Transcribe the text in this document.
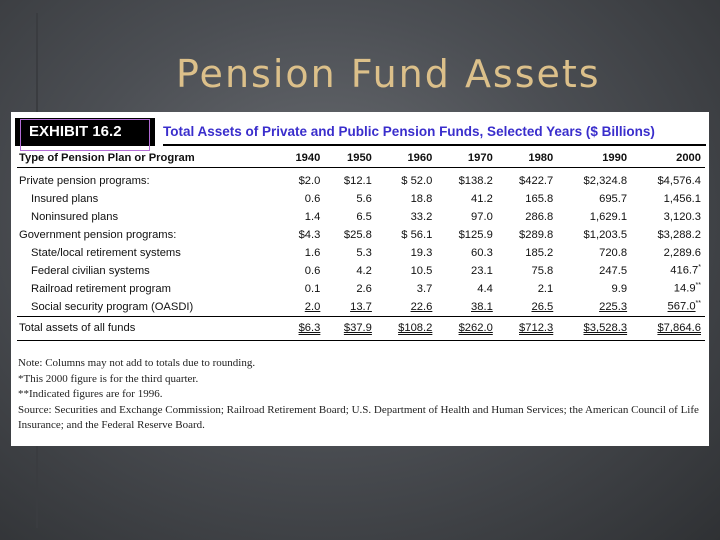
Pension Fund Assets
EXHIBIT 16.2	Total Assets of Private and Public Pension Funds, Selected Years ($ Billions)
Type of Pension Plan or Program	1940	1950	1960	1970	1980	1990	2000
Private pension programs:	$2.0	$12.1	$ 52.0	$138.2	$422.7	$2,324.8	$4,576.4
Insured plans	0.6	5.6	18.8	41.2	165.8	695.7	1,456.1
Noninsured plans	1.4	6.5	33.2	97.0	286.8	1,629.1	3,120.3
Government pension programs:	$4.3	$25.8	$ 56.1	$125.9	$289.8	$1,203.5	$3,288.2
State/local retirement systems	1.6	5.3	19.3	60.3	185.2	720.8	2,289.6
Federal civilian systems	0.6	4.2	10.5	23.1	75.8	247.5	416.7*
Railroad retirement program	0.1	2.6	3.7	4.4	2.1	9.9	14.9**
Social security program (OASDI)	2.0	13.7	22.6	38.1	26.5	225.3	567.0**
Total assets of all funds	$6.3	$37.9	$108.2	$262.0	$712.3	$3,528.3	$7,864.6
Note: Columns may not add to totals due to rounding.
*This 2000 figure is for the third quarter.
**Indicated figures are for 1996.
Source: Securities and Exchange Commission; Railroad Retirement Board; U.S. Department of Health and Human Services; the American Council of Life Insurance; and the Federal Reserve Board.
